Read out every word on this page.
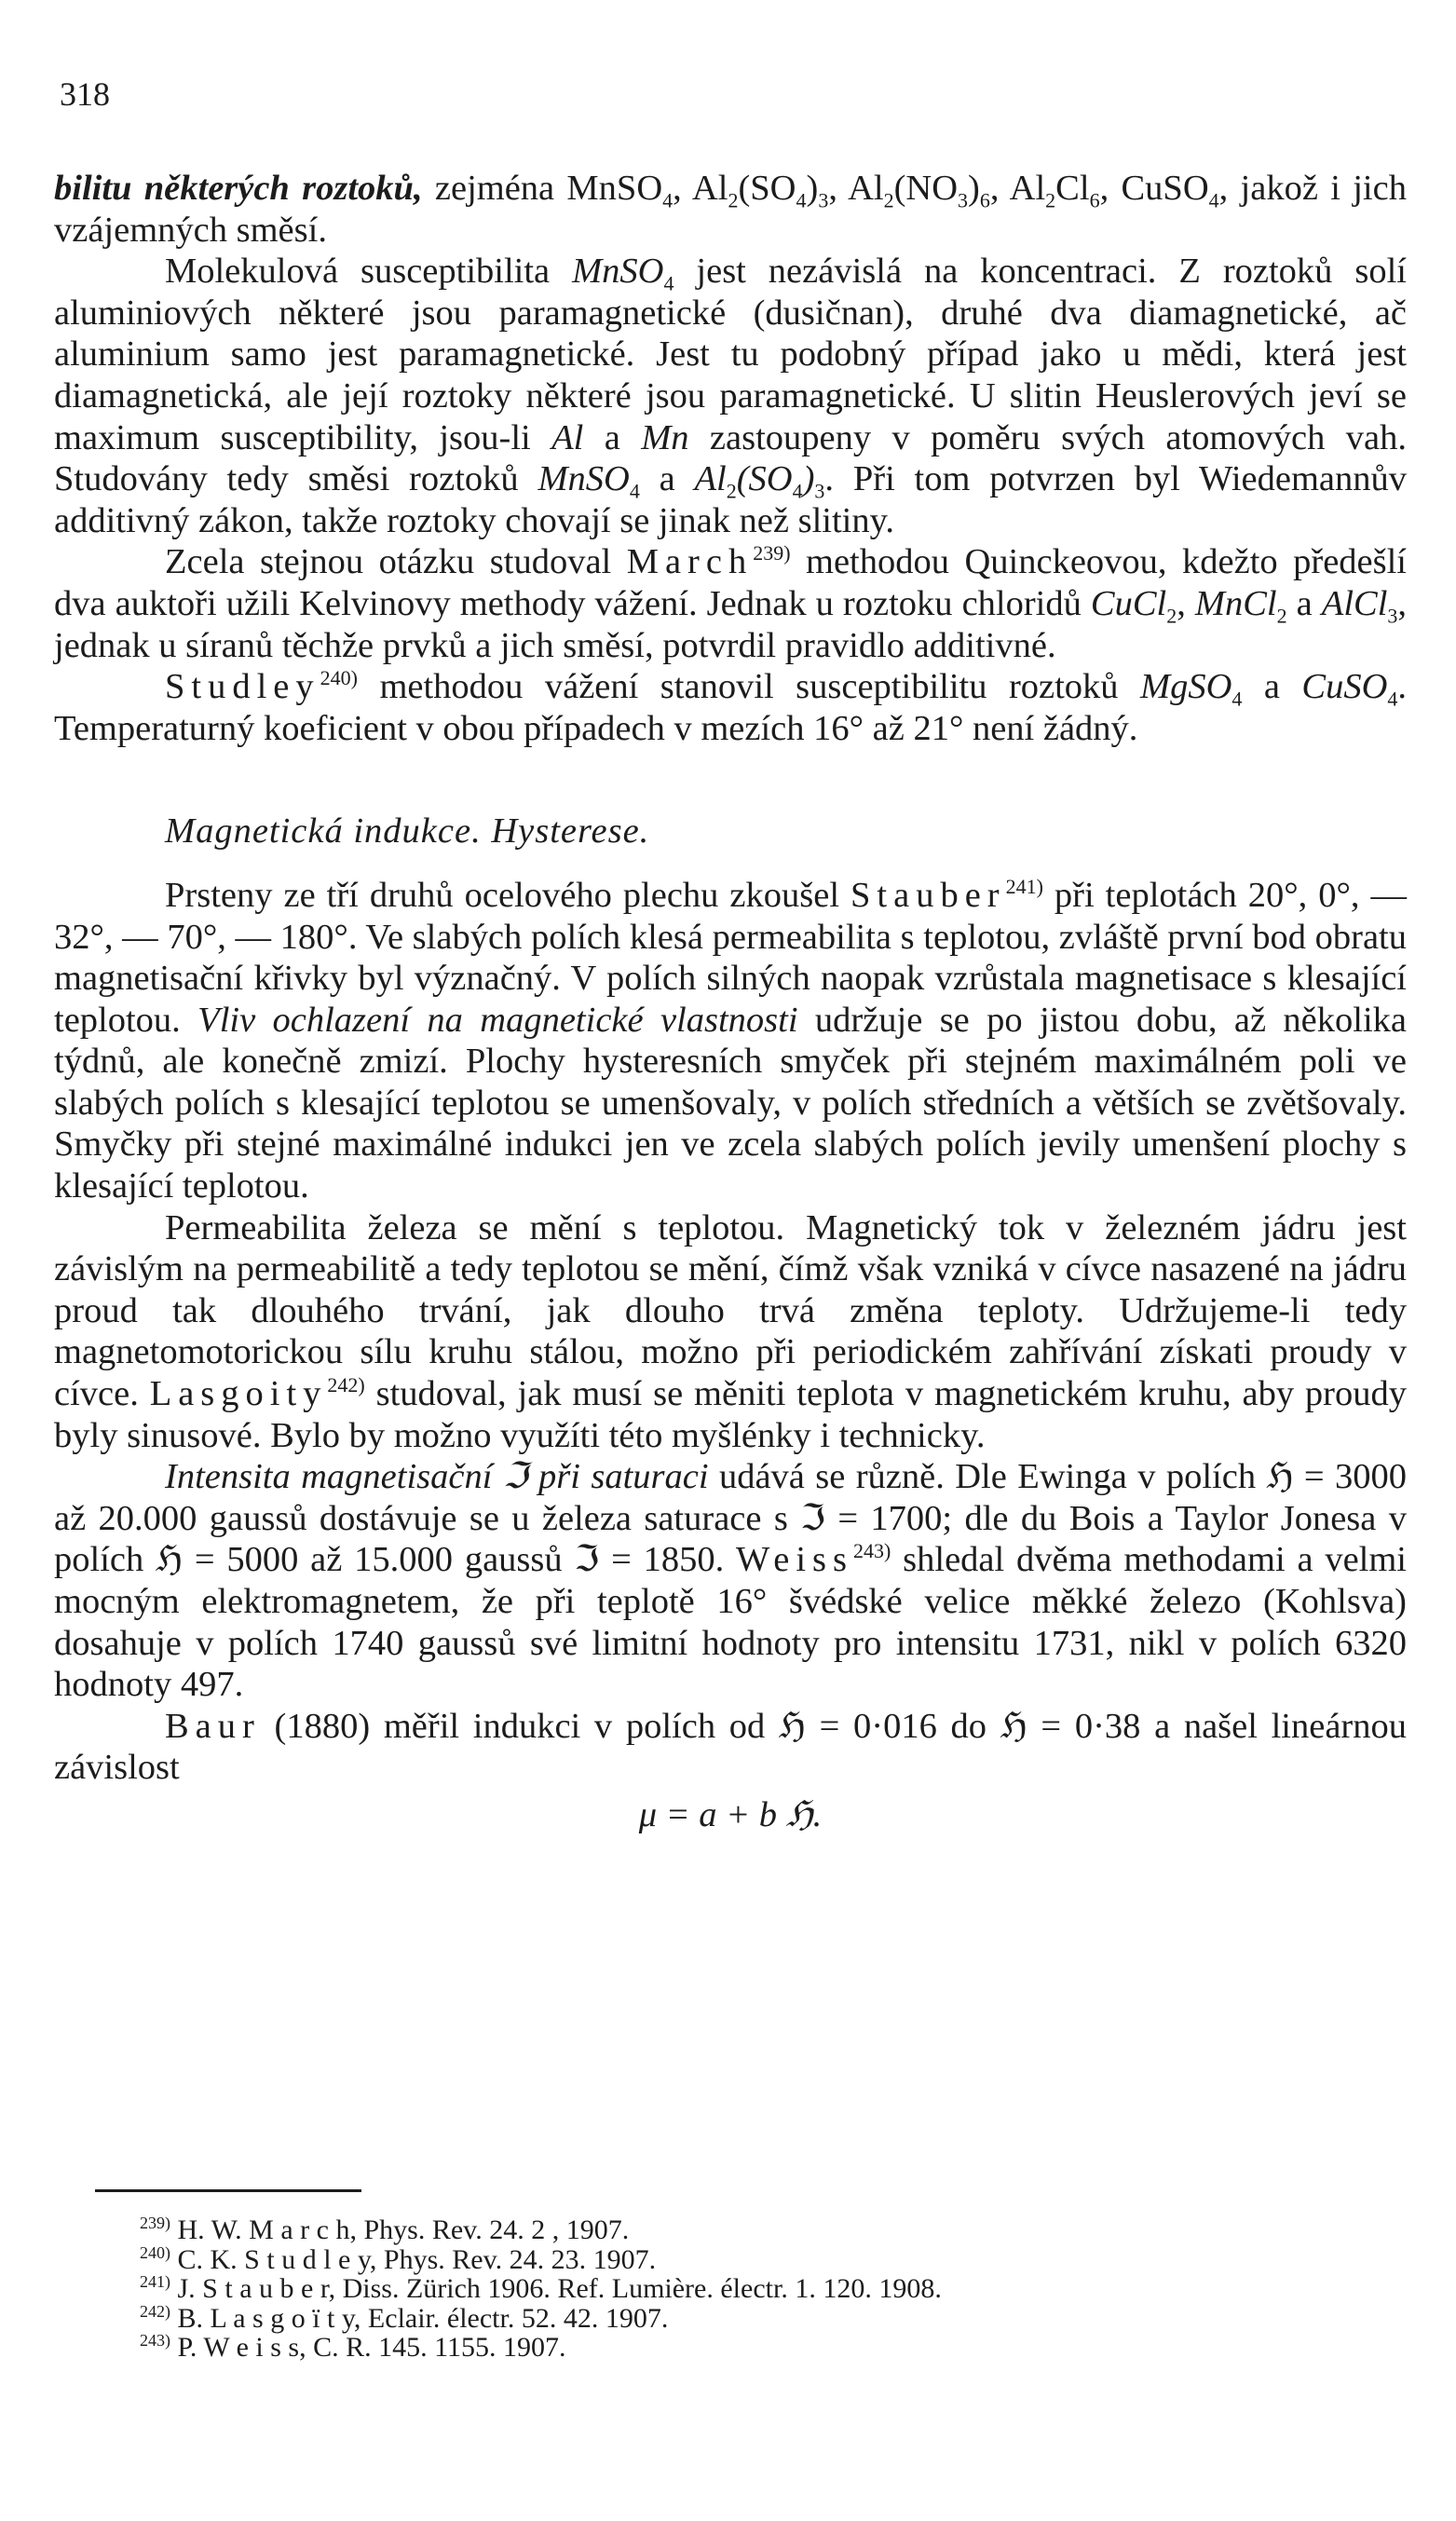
318

bilitu některých roztoků, zejména MnSO$_4$, $Al_2(SO_4)_3$, $Al_2(NO_3)_6$, $Al_2Cl_6$, CuSO$_4$, jakož i jich vzájemných směsí.

Molekulová susceptibilita MnSO$_4$ jest nezávislá na koncentraci. Z roztoků solí aluminiových některé jsou paramagnetické (dusičnan), druhé dva diamagnetické, ač aluminium samo jest paramagnetické. Jest tu podobný případ jako u mědi, která jest diamagnetická, ale její roztoky některé jsou paramagnetické. U slitin Heuslerových jeví se maximum susceptibility, jsou-li Al a Mn zastoupeny v poměru svých atomových vah. Studovány tedy směsi roztoků MnSO$_4$ a $Al_2(SO_4)_3$. Při tom potvrzen byl Wiedemannův additivný zákon, takže roztoky chovají se jinak než slitiny.

Zcela stejnou otázku studoval March$^{239)}$ methodou Quinckeovou, kdežto předešlí dva auktoři užili Kelvinovy methody vážení. Jednak u roztoku chloridů CuCl$_2$, MnCl$_2$ a AlCl$_3$, jednak u síranů těchže prvků a jich směsí, potvrdil pravidlo additivné.

Studley$^{240)}$ methodou vážení stanovil susceptibilitu roztoků MgSO$_4$ a CuSO$_4$. Temperaturný koeficient v obou případech v mezích 16° až 21° není žádný.

Magnetická indukce. Hysterese.

Prsteny ze tří druhů ocelového plechu zkoušel Stauber$^{241)}$ při teplotách 20°, 0°, — 32°, — 70°, — 180°. Ve slabých polích klesá permeabilita s teplotou, zvláště první bod obratu magnetisační křivky byl význačný. V polích silných naopak vzrůstala magnetisace s klesající teplotou. Vliv ochlazení na magnetické vlastnosti udržuje se po jistou dobu, až několika týdnů, ale konečně zmizí. Plochy hysteresních smyček při stejném maximálném poli ve slabých polích s klesající teplotou se umenšovaly, v polích středních a větších se zvětšovaly. Smyčky při stejné maximálné indukci jen ve zcela slabých polích jevily umenšení plochy s klesající teplotou.

Permeabilita železa se mění s teplotou. Magnetický tok v železném jádru jest závislým na permeabilitě a tedy teplotou se mění, čímž však vzniká v cívce nasazené na jádru proud tak dlouhého trvání, jak dlouho trvá změna teploty. Udržujeme-li tedy magnetomotorickou sílu kruhu stálou, možno při periodickém zahřívání získati proudy v cívce. Lasgoity$^{242)}$ studoval, jak musí se měniti teplota v magnetickém kruhu, aby proudy byly sinusové. Bylo by možno využíti této myšlénky i technicky.

Intensita magnetisační ℑ při saturaci udává se různě. Dle Ewinga v polích ℌ = 3000 až 20.000 gaussů dostávuje se u železa saturace s ℑ = 1700; dle du Bois a Taylor Jonesa v polích ℌ = 5000 až 15.000 gaussů ℑ = 1850. Weiss$^{243)}$ shledal dvěma methodami a velmi mocným elektromagnetem, že při teplotě 16° švédské velice měkké železo (Kohlsva) dosahuje v polích 1740 gaussů své limitní hodnoty pro intensitu 1731, nikl v polích 6320 hodnoty 497.

Baur (1880) měřil indukci v polích od ℌ = 0·016 do ℌ = 0·38 a našel lineárnou závislost

μ = a + b ℌ.

$^{239)}$ H. W. M a r c h, Phys. Rev. 24. 2 , 1907.
$^{240)}$ C. K. S t u d l e y, Phys. Rev. 24. 23. 1907.
$^{241)}$ J. S t a u b e r, Diss. Zürich 1906. Ref. Lumière. électr. 1. 120. 1908.
$^{242)}$ B. L a s g o ï t y, Eclair. électr. 52. 42. 1907.
$^{243)}$ P. W e i s s, C. R. 145. 1155. 1907.
